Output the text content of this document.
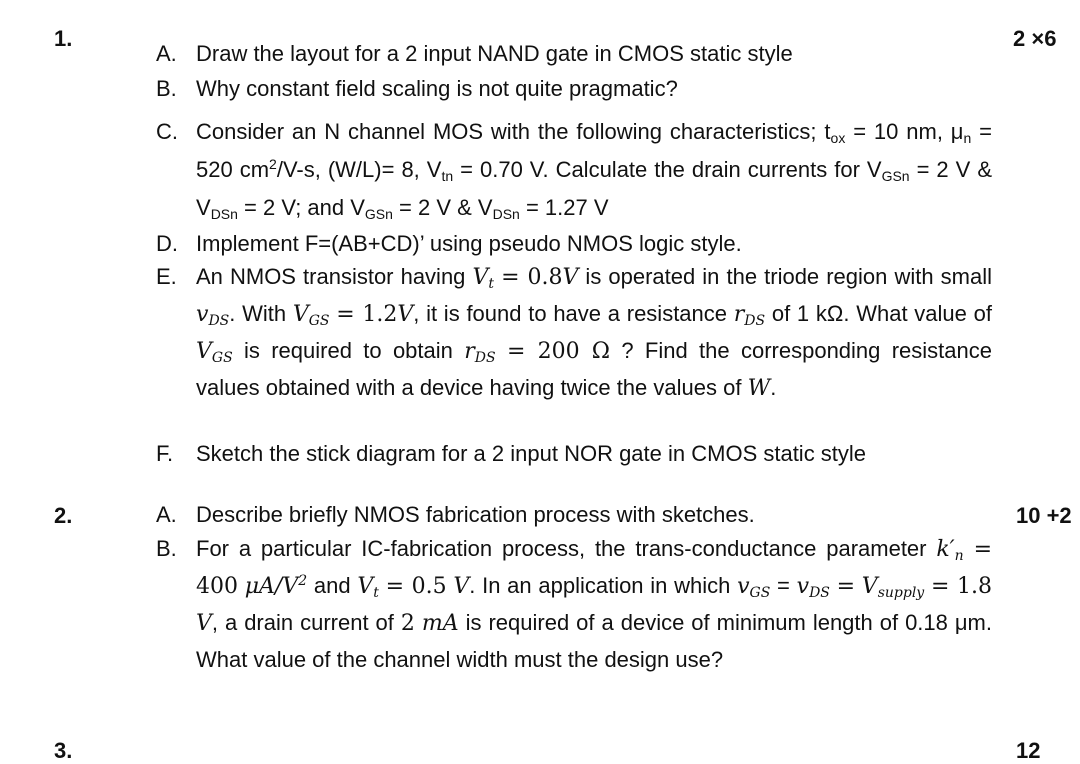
1.	2 ×6
A. Draw the layout for a 2 input NAND gate in CMOS static style
B. Why constant field scaling is not quite pragmatic?
C. Consider an N channel MOS with the following characteristics; $t_{ox} = 10$ nm, $\mu_n = 520$ $cm^2/V-s$, (W/L)= 8, $V_{tn} = 0.70$ V. Calculate the drain currents for $V_{GSn} = 2$ V & $V_{DSn} = 2$ V; and $V_{GSn} = 2$ V & $V_{DSn} = 1.27$ V
D. Implement F=(AB+CD)’ using pseudo NMOS logic style.
E. An NMOS transistor having $V_t = 0.8V$ is operated in the triode region with small $v_{DS}$. With $V_{GS} = 1.2V$, it is found to have a resistance $r_{DS}$ of 1 kΩ. What value of $V_{GS}$ is required to obtain $r_{DS} = 200$ Ω ? Find the corresponding resistance values obtained with a device having twice the values of W.
F. Sketch the stick diagram for a 2 input NOR gate in CMOS static style
2.	10 +2
A. Describe briefly NMOS fabrication process with sketches.
B. For a particular IC-fabrication process, the trans-conductance parameter $k'_n = 400$ $\mu A/V^2$ and $V_t = 0.5$ V. In an application in which $v_{GS} = v_{DS} = V_{supply} = 1.8$ V, a drain current of 2 mA is required of a device of minimum length of 0.18 μm. What value of the channel width must the design use?
3.	12
